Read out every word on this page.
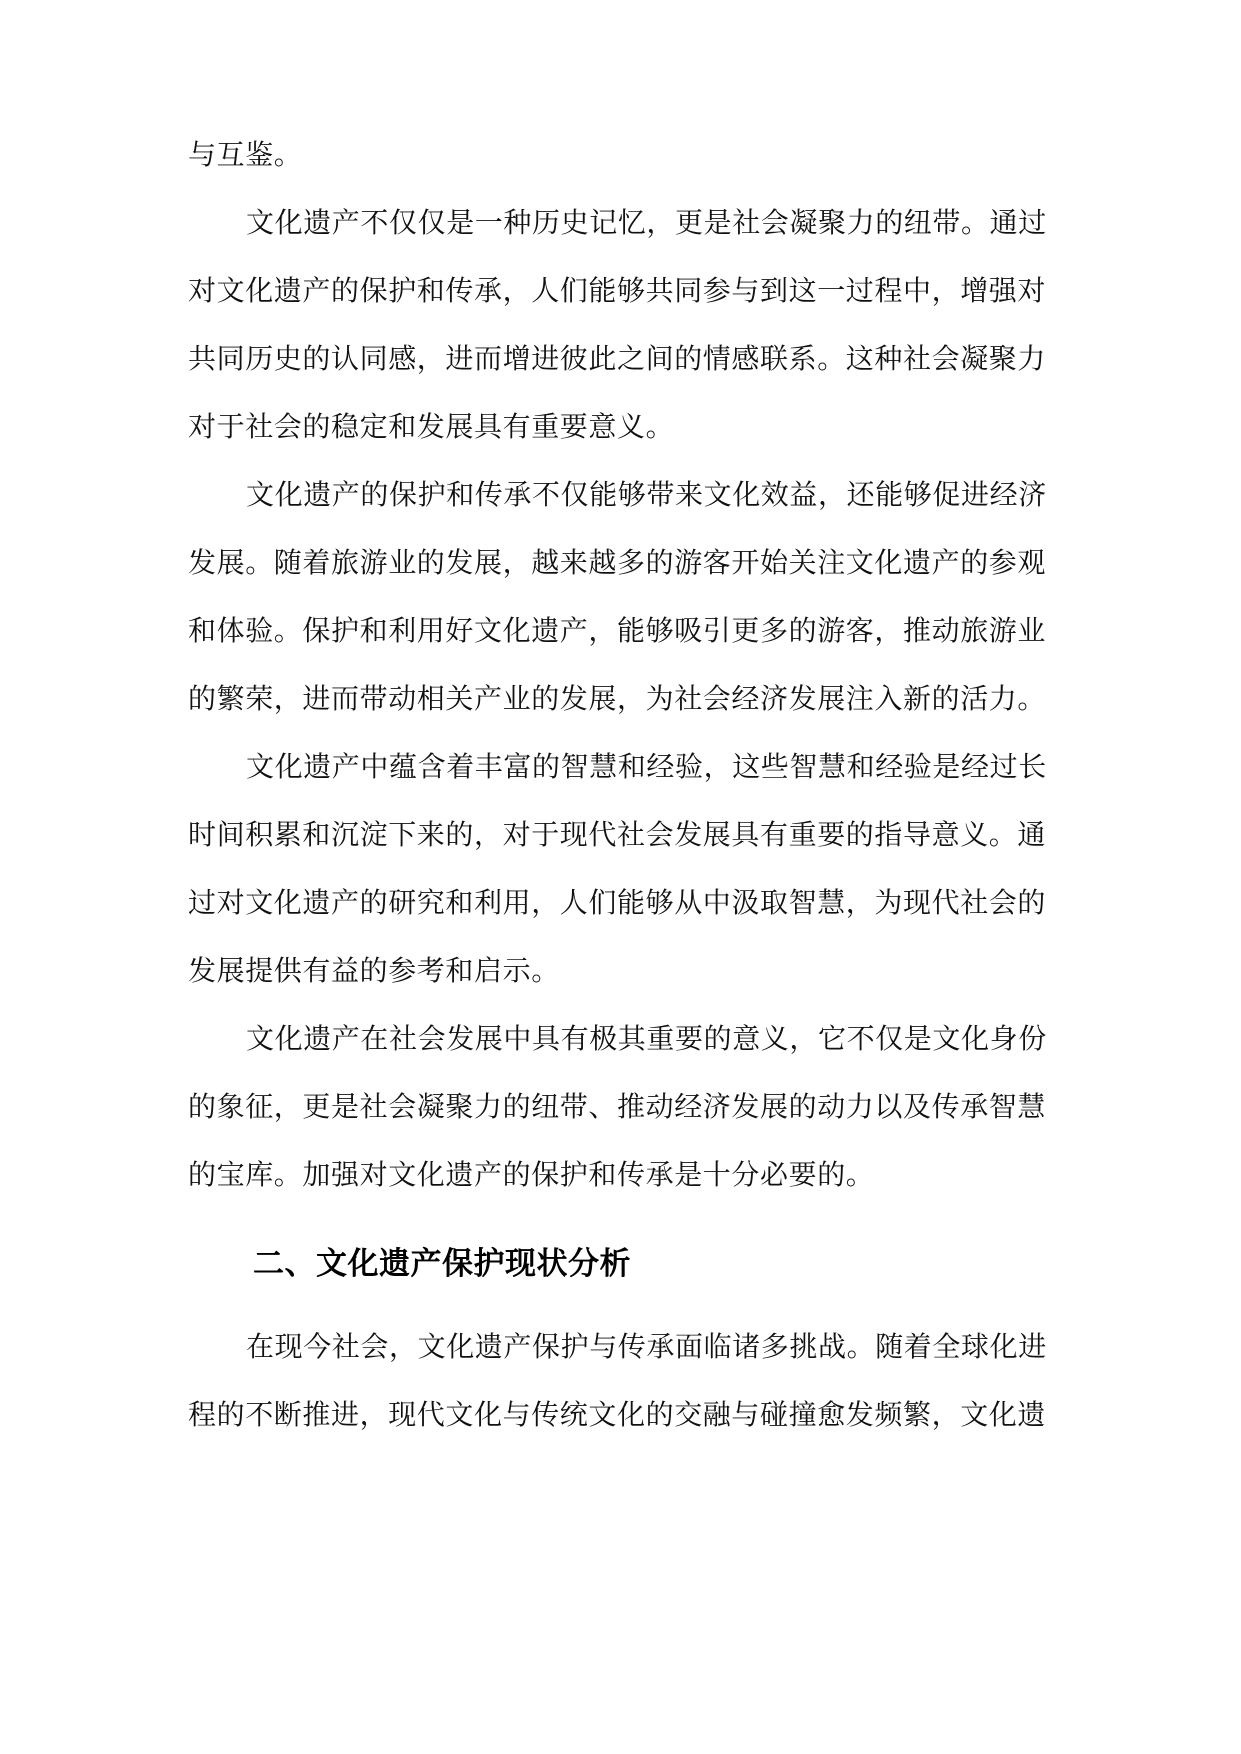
与互鉴。
文化遗产不仅仅是一种历史记忆，更是社会凝聚力的纽带。通过
对文化遗产的保护和传承，人们能够共同参与到这一过程中，增强对
共同历史的认同感，进而增进彼此之间的情感联系。这种社会凝聚力
对于社会的稳定和发展具有重要意义。
文化遗产的保护和传承不仅能够带来文化效益，还能够促进经济
发展。随着旅游业的发展，越来越多的游客开始关注文化遗产的参观
和体验。保护和利用好文化遗产，能够吸引更多的游客，推动旅游业
的繁荣，进而带动相关产业的发展，为社会经济发展注入新的活力。
文化遗产中蕴含着丰富的智慧和经验，这些智慧和经验是经过长
时间积累和沉淀下来的，对于现代社会发展具有重要的指导意义。通
过对文化遗产的研究和利用，人们能够从中汲取智慧，为现代社会的
发展提供有益的参考和启示。
文化遗产在社会发展中具有极其重要的意义，它不仅是文化身份
的象征，更是社会凝聚力的纽带、推动经济发展的动力以及传承智慧
的宝库。加强对文化遗产的保护和传承是十分必要的。
二、文化遗产保护现状分析
在现今社会，文化遗产保护与传承面临诸多挑战。随着全球化进
程的不断推进，现代文化与传统文化的交融与碰撞愈发频繁，文化遗
